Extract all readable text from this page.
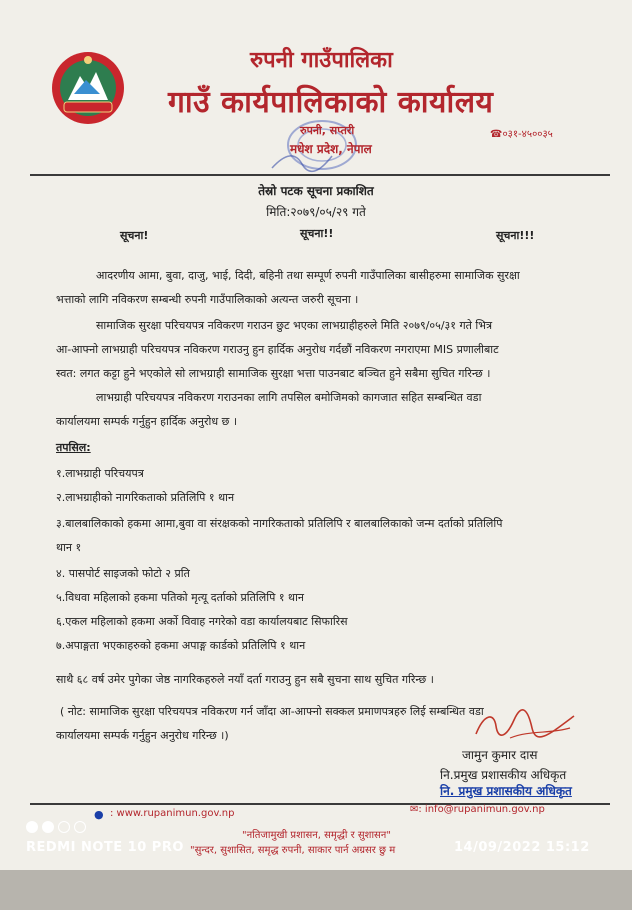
रुपनी गाउँपालिका
गाउँ कार्यपालिकाको कार्यालय
रुपनी, सप्तरी
मधेश प्रदेश, नेपाल
☎०३१-४५००३५
तेस्रो पटक सूचना प्रकाशित
मिति:२०७९/०५/२९ गते
सूचना!	सूचना!!	सूचना!!!
आदरणीय आमा, बुवा, दाजु, भाई, दिदी, बहिनी तथा सम्पूर्ण रुपनी गाउँपालिका बासीहरुमा सामाजिक सुरक्षा
भत्ताको लागि नविकरण सम्बन्धी रुपनी गाउँपालिकाको अत्यन्त जरुरी सूचना ।
सामाजिक सुरक्षा परिचयपत्र नविकरण गराउन छुट भएका लाभग्राहीहरुले मिति २०७९/०५/३१ गते भित्र
आ-आफ्नो लाभग्राही परिचयपत्र नविकरण गराउनु हुन हार्दिक अनुरोध गर्दछौं नविकरण नगराएमा MIS प्रणालीबाट
स्वत: लगत कट्टा हुने भएकोले सो लाभग्राही सामाजिक सुरक्षा भत्ता पाउनबाट बञ्चित हुने सबैमा सुचित गरिन्छ ।
लाभग्राही परिचयपत्र नविकरण गराउनका लागि तपसिल बमोजिमको कागजात सहित सम्बन्धित वडा
कार्यालयमा सम्पर्क गर्नुहुन हार्दिक अनुरोध छ ।
तपसिल:
१.लाभग्राही परिचयपत्र
२.लाभग्राहीको नागरिकताको प्रतिलिपि १ थान
३.बालबालिकाको हकमा आमा,बुवा वा संरक्षकको नागरिकताको प्रतिलिपि र बालबालिकाको जन्म दर्ताको प्रतिलिपि
थान १
४. पासपोर्ट साइजको फोटो २ प्रति
५.विधवा महिलाको हकमा पतिको मृत्यू दर्ताको प्रतिलिपि १ थान
६.एकल महिलाको हकमा अर्को विवाह नगरेको वडा कार्यालयबाट सिफारिस
७.अपाङ्गता भएकाहरुको हकमा अपाङ्ग कार्डको प्रतिलिपि १ थान
साथै ६८ वर्ष उमेर पुगेका जेष्ठ नागरिकहरुले नयाँ दर्ता गराउनु हुन सबै सुचना साथ सुचित गरिन्छ ।
( नोट: सामाजिक सुरक्षा परिचयपत्र नविकरण गर्न जाँदा आ-आफ्नो सक्कल प्रमाणपत्रहरु लिई सम्बन्धित वडा
कार्यालयमा सम्पर्क गर्नुहुन अनुरोध गरिन्छ ।)
जामुन कुमार दास
नि.प्रमुख प्रशासकीय अधिकृत
नि. प्रमुख प्रशासकीय अधिकृत
● : www.rupanimun.gov.np	✉: info@rupanimun.gov.np
"नतिजामुखी प्रशासन, समृद्धी र सुशासन"
"सुन्दर, सुशासित, समृद्ध रुपनी, साकार पार्न अग्रसर छु म
REDMI NOTE 10 PRO	14/09/2022 15:12
